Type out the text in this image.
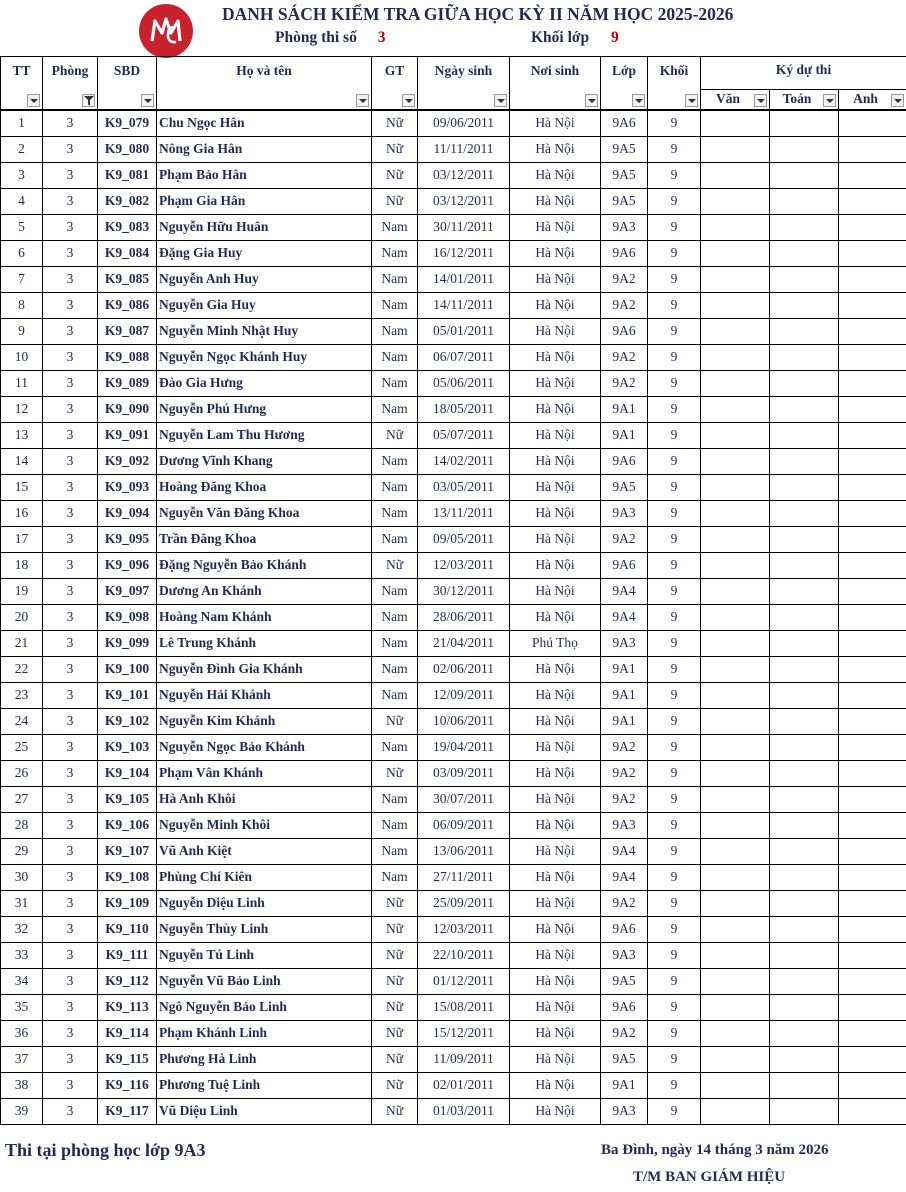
DANH SÁCH KIỂM TRA GIỮA HỌC KỲ II NĂM HỌC 2025-2026
Phòng thi số 3	Khối lớp 9
TT	Phòng	SBD	Họ và tên	GT	Ngày sinh	Nơi sinh	Lớp	Khối	Ký dự thi		

									Văn	Toán	Anh

1	3	K9_079	Chu Ngọc Hân	Nữ	09/06/2011	Hà Nội	9A6	9			
2	3	K9_080	Nông Gia Hân	Nữ	11/11/2011	Hà Nội	9A5	9			
3	3	K9_081	Phạm Bảo Hân	Nữ	03/12/2011	Hà Nội	9A5	9			
4	3	K9_082	Phạm Gia Hân	Nữ	03/12/2011	Hà Nội	9A5	9			
5	3	K9_083	Nguyễn Hữu Huân	Nam	30/11/2011	Hà Nội	9A3	9			
6	3	K9_084	Đặng Gia Huy	Nam	16/12/2011	Hà Nội	9A6	9			
7	3	K9_085	Nguyễn Anh Huy	Nam	14/01/2011	Hà Nội	9A2	9			
8	3	K9_086	Nguyễn Gia Huy	Nam	14/11/2011	Hà Nội	9A2	9			
9	3	K9_087	Nguyễn Minh Nhật Huy	Nam	05/01/2011	Hà Nội	9A6	9			
10	3	K9_088	Nguyễn Ngọc Khánh Huy	Nam	06/07/2011	Hà Nội	9A2	9			
11	3	K9_089	Đào Gia Hưng	Nam	05/06/2011	Hà Nội	9A2	9			
12	3	K9_090	Nguyễn Phú Hưng	Nam	18/05/2011	Hà Nội	9A1	9			
13	3	K9_091	Nguyễn Lam Thu Hương	Nữ	05/07/2011	Hà Nội	9A1	9			
14	3	K9_092	Dương Vĩnh Khang	Nam	14/02/2011	Hà Nội	9A6	9			
15	3	K9_093	Hoàng Đăng Khoa	Nam	03/05/2011	Hà Nội	9A5	9			
16	3	K9_094	Nguyễn Văn Đăng Khoa	Nam	13/11/2011	Hà Nội	9A3	9			
17	3	K9_095	Trần Đăng Khoa	Nam	09/05/2011	Hà Nội	9A2	9			
18	3	K9_096	Đặng Nguyễn Bảo Khánh	Nữ	12/03/2011	Hà Nội	9A6	9			
19	3	K9_097	Dương An Khánh	Nam	30/12/2011	Hà Nội	9A4	9			
20	3	K9_098	Hoàng Nam Khánh	Nam	28/06/2011	Hà Nội	9A4	9			
21	3	K9_099	Lê Trung Khánh	Nam	21/04/2011	Phú Thọ	9A3	9			
22	3	K9_100	Nguyễn Đình Gia Khánh	Nam	02/06/2011	Hà Nội	9A1	9			
23	3	K9_101	Nguyễn Hải Khánh	Nam	12/09/2011	Hà Nội	9A1	9			
24	3	K9_102	Nguyễn Kim Khánh	Nữ	10/06/2011	Hà Nội	9A1	9			
25	3	K9_103	Nguyễn Ngọc Bảo Khánh	Nam	19/04/2011	Hà Nội	9A2	9			
26	3	K9_104	Phạm Vân Khánh	Nữ	03/09/2011	Hà Nội	9A2	9			
27	3	K9_105	Hà Anh Khôi	Nam	30/07/2011	Hà Nội	9A2	9			
28	3	K9_106	Nguyễn Minh Khôi	Nam	06/09/2011	Hà Nội	9A3	9			
29	3	K9_107	Vũ Anh Kiệt	Nam	13/06/2011	Hà Nội	9A4	9			
30	3	K9_108	Phùng Chí Kiên	Nam	27/11/2011	Hà Nội	9A4	9			
31	3	K9_109	Nguyễn Diệu Linh	Nữ	25/09/2011	Hà Nội	9A2	9			
32	3	K9_110	Nguyễn Thùy Linh	Nữ	12/03/2011	Hà Nội	9A6	9			
33	3	K9_111	Nguyễn Tú Linh	Nữ	22/10/2011	Hà Nội	9A3	9			
34	3	K9_112	Nguyễn Vũ Bảo Linh	Nữ	01/12/2011	Hà Nội	9A5	9			
35	3	K9_113	Ngô Nguyễn Bảo Linh	Nữ	15/08/2011	Hà Nội	9A6	9			
36	3	K9_114	Phạm Khánh Linh	Nữ	15/12/2011	Hà Nội	9A2	9			
37	3	K9_115	Phương Hà Linh	Nữ	11/09/2011	Hà Nội	9A5	9			
38	3	K9_116	Phương Tuệ Linh	Nữ	02/01/2011	Hà Nội	9A1	9			
39	3	K9_117	Vũ Diệu Linh	Nữ	01/03/2011	Hà Nội	9A3	9			
Thi tại phòng học lớp 9A3	Ba Đình, ngày 14 tháng 3 năm 2026
T/M BAN GIÁM HIỆU
